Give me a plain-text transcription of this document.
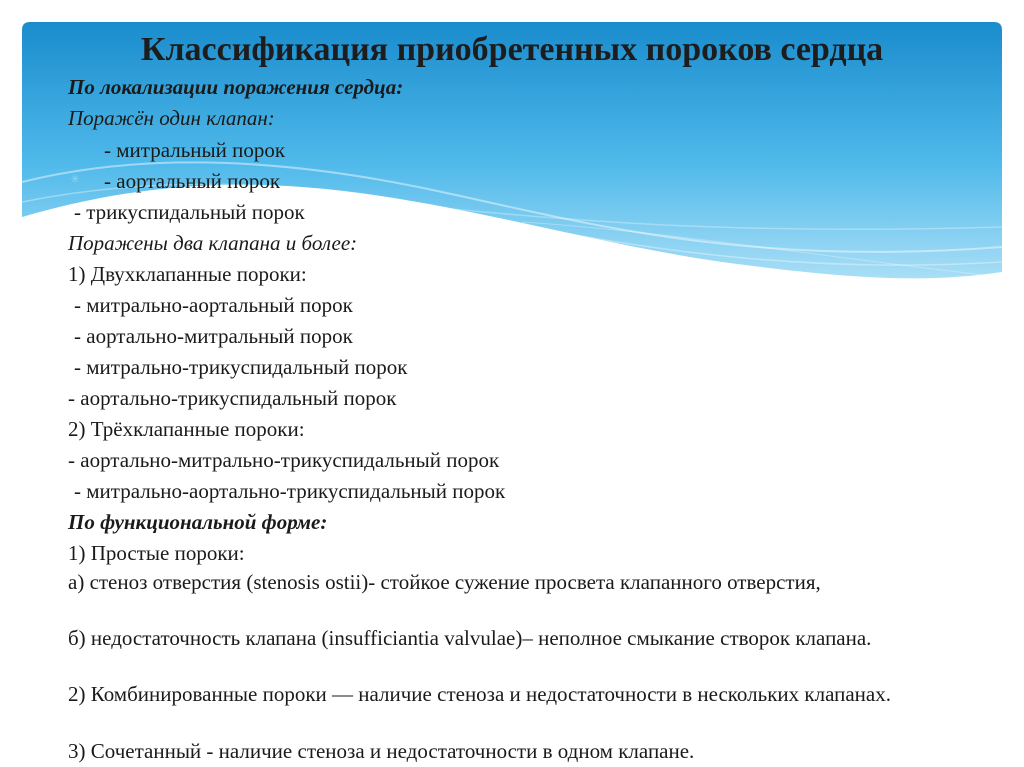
Классификация приобретенных пороков сердца
✳
По локализации поражения сердца:
Поражён один клапан:
- митральный порок
- аортальный порок
- трикуспидальный порок
Поражены два клапана и более:
1) Двухклапанные пороки:
- митрально-аортальный порок
- аортально-митральный порок
- митрально-трикуспидальный порок
- аортально-трикуспидальный порок
2) Трёхклапанные пороки:
- аортально-митрально-трикуспидальный порок
- митрально-аортально-трикуспидальный порок
По функциональной форме:
1) Простые пороки:
а) стеноз отверстия (stenosis ostii)- стойкое сужение просвета клапанного отверстия,
б) недостаточность клапана (insufficiantia valvulae)– неполное смыкание створок клапана.
2) Комбинированные пороки — наличие стеноза и недостаточности в нескольких клапанах.
3) Сочетанный - наличие стеноза и недостаточности в одном клапане.
